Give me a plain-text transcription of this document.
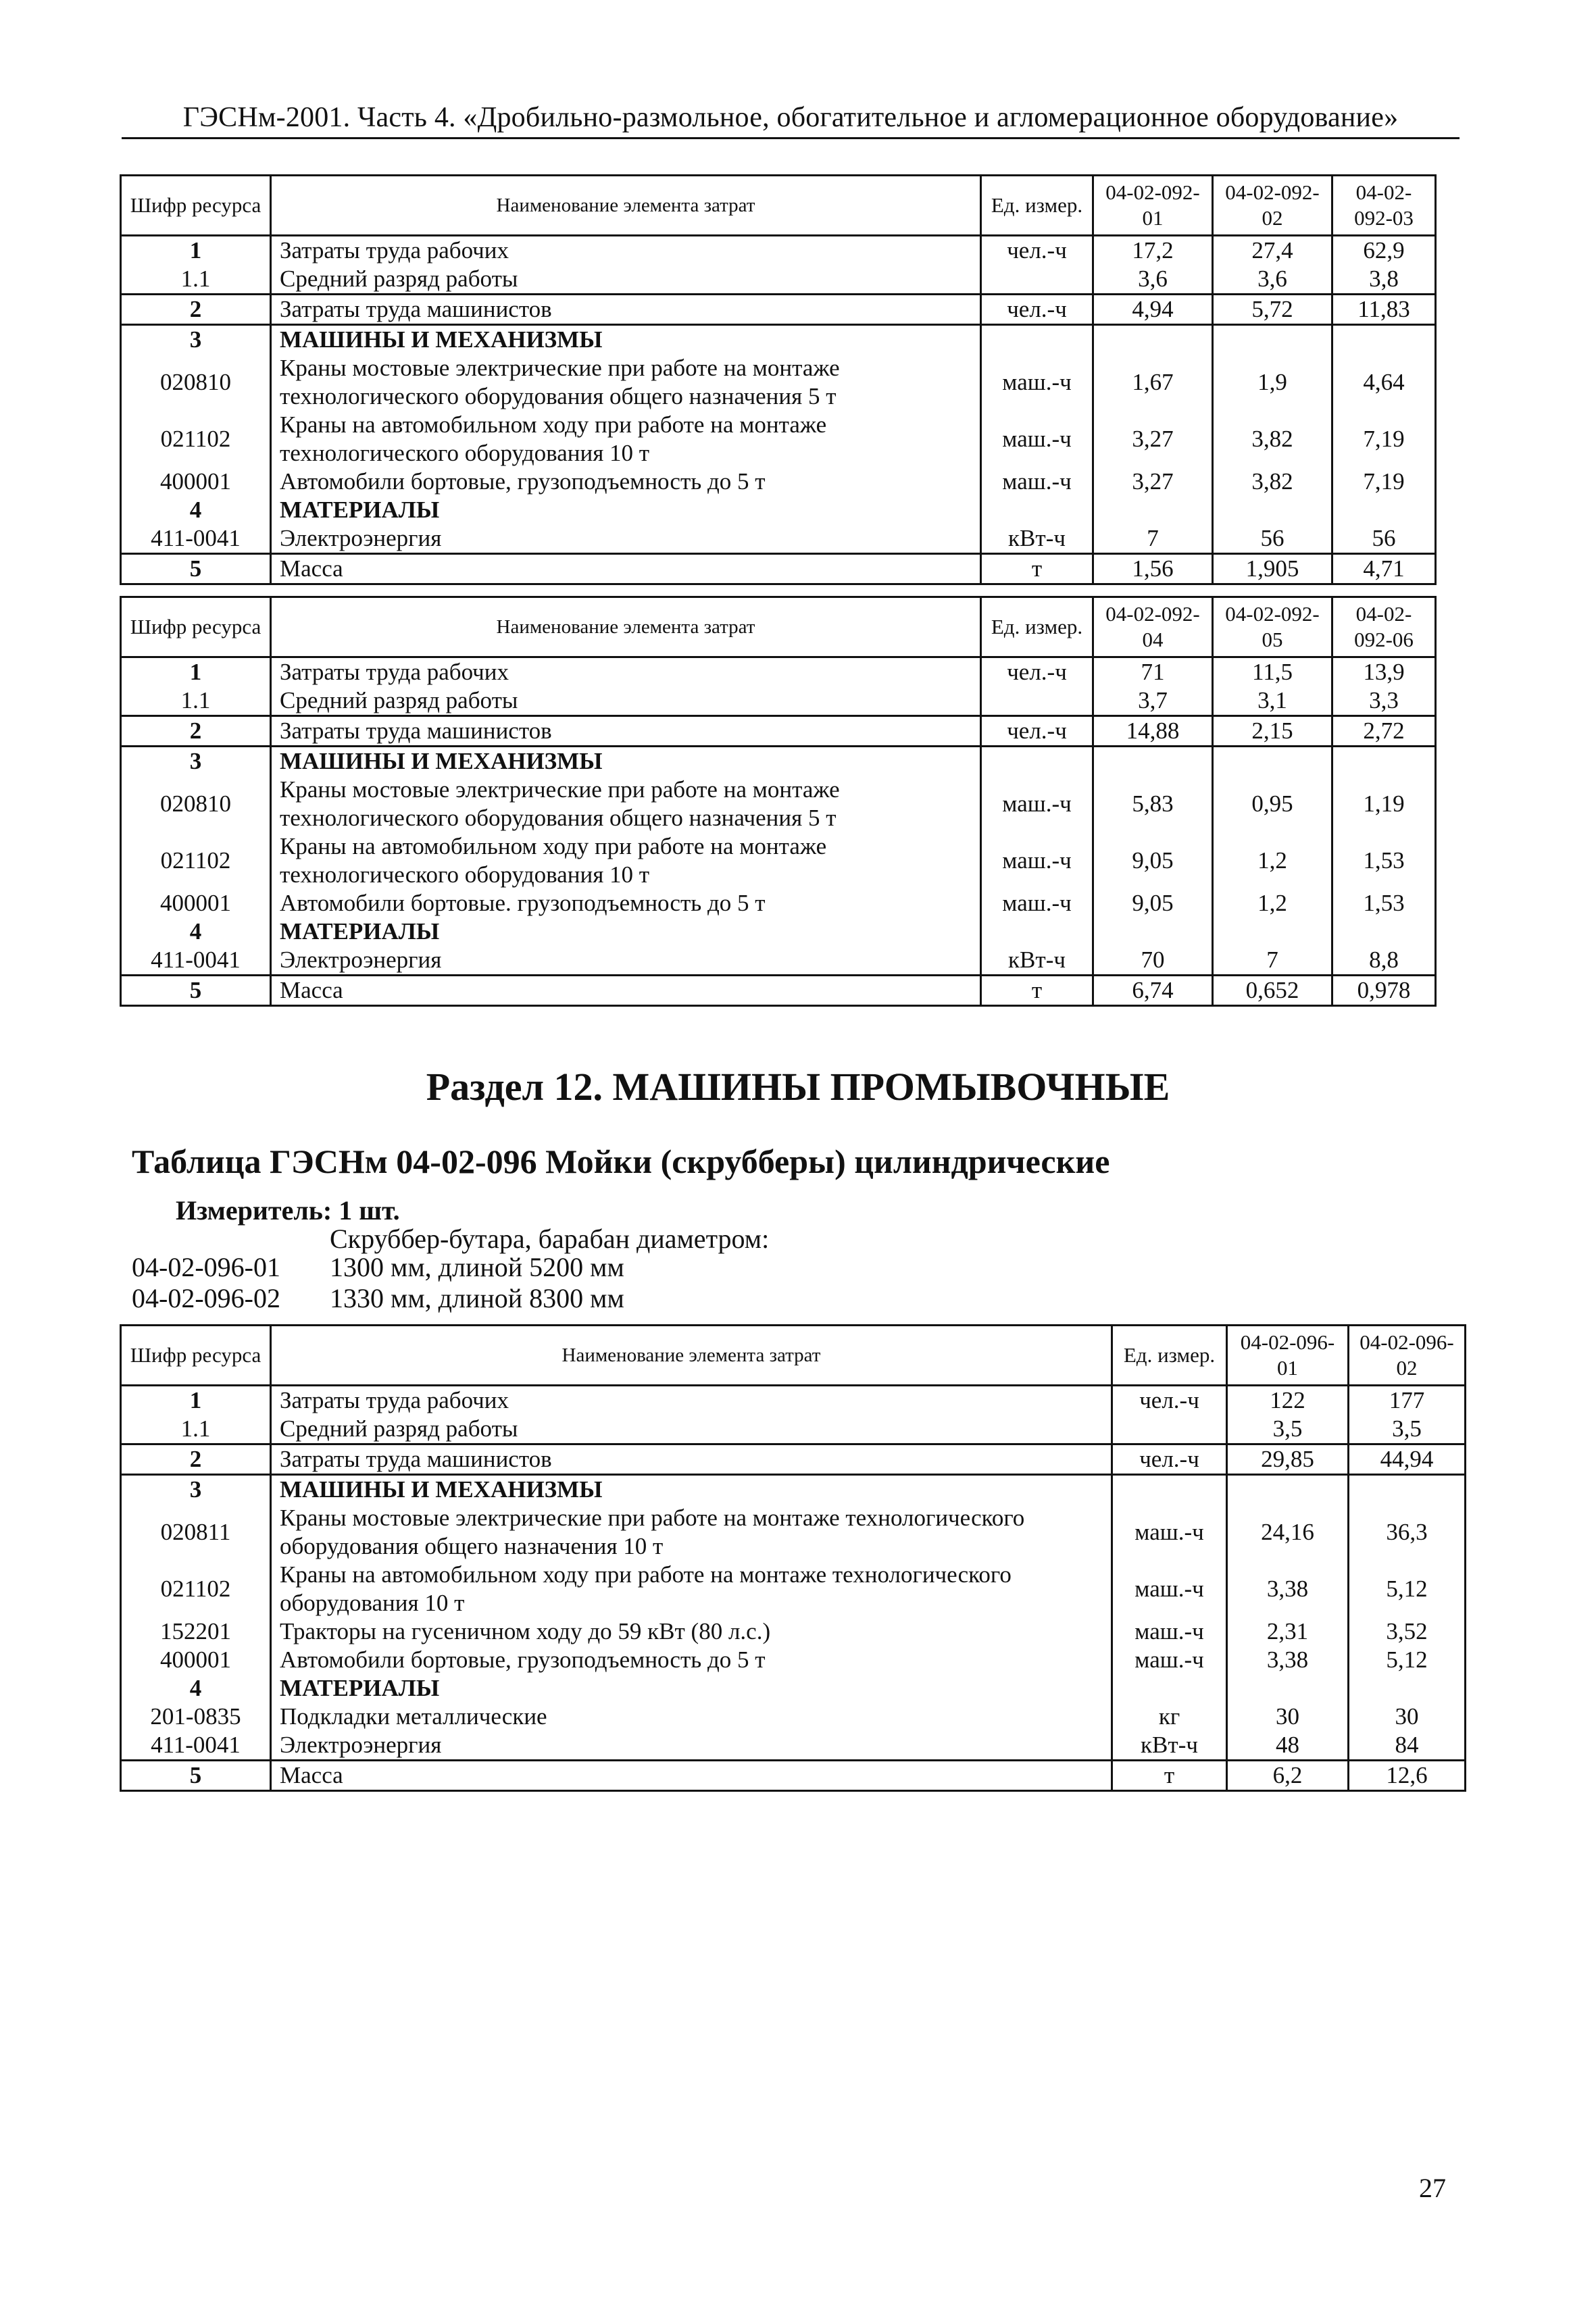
ГЭСНм-2001. Часть 4. «Дробильно-размольное, обогатительное и агломерационное оборудование»
Шифр ресурса	Наименование элемента затрат	Ед. измер.	04-02-092-01	04-02-092-02	04-02-092-03
1	Затраты труда рабочих	чел.-ч	17,2	27,4	62,9
1.1	Средний разряд работы		3,6	3,6	3,8
2	Затраты труда машинистов	чел.-ч	4,94	5,72	11,83
3	МАШИНЫ И МЕХАНИЗМЫ				
020810	Краны мостовые электрические при работе на монтаже технологического оборудования общего назначения 5 т	маш.-ч	1,67	1,9	4,64
021102	Краны на автомобильном ходу при работе на монтаже технологического оборудования 10 т	маш.-ч	3,27	3,82	7,19
400001	Автомобили бортовые, грузоподъемность до 5 т	маш.-ч	3,27	3,82	7,19
4	МАТЕРИАЛЫ				
411-0041	Электроэнергия	кВт-ч	7	56	56
5	Масса	т	1,56	1,905	4,71
Шифр ресурса	Наименование элемента затрат	Ед. измер.	04-02-092-04	04-02-092-05	04-02-092-06
1	Затраты труда рабочих	чел.-ч	71	11,5	13,9
1.1	Средний разряд работы		3,7	3,1	3,3
2	Затраты труда машинистов	чел.-ч	14,88	2,15	2,72
3	МАШИНЫ И МЕХАНИЗМЫ				
020810	Краны мостовые электрические при работе на монтаже технологического оборудования общего назначения 5 т	маш.-ч	5,83	0,95	1,19
021102	Краны на автомобильном ходу при работе на монтаже технологического оборудования 10 т	маш.-ч	9,05	1,2	1,53
400001	Автомобили бортовые. грузоподъемность до 5 т	маш.-ч	9,05	1,2	1,53
4	МАТЕРИАЛЫ				
411-0041	Электроэнергия	кВт-ч	70	7	8,8
5	Масса	т	6,74	0,652	0,978
Раздел 12. МАШИНЫ ПРОМЫВОЧНЫЕ
Таблица ГЭСНм 04-02-096 Мойки (скрубберы) цилиндрические
Измеритель: 1 шт.
Скруббер-бутара, барабан диаметром:
04-02-096-01 1300 мм, длиной 5200 мм
04-02-096-02 1330 мм, длиной 8300 мм
Шифр ресурса	Наименование элемента затрат	Ед. измер.	04-02-096-01	04-02-096-02
1	Затраты труда рабочих	чел.-ч	122	177
1.1	Средний разряд работы		3,5	3,5
2	Затраты труда машинистов	чел.-ч	29,85	44,94
3	МАШИНЫ И МЕХАНИЗМЫ			
020811	Краны мостовые электрические при работе на монтаже технологического оборудования общего назначения 10 т	маш.-ч	24,16	36,3
021102	Краны на автомобильном ходу при работе на монтаже технологического оборудования 10 т	маш.-ч	3,38	5,12
152201	Тракторы на гусеничном ходу до 59 кВт (80 л.с.)	маш.-ч	2,31	3,52
400001	Автомобили бортовые, грузоподъемность до 5 т	маш.-ч	3,38	5,12
4	МАТЕРИАЛЫ			
201-0835	Подкладки металлические	кг	30	30
411-0041	Электроэнергия	кВт-ч	48	84
5	Масса	т	6,2	12,6
27
